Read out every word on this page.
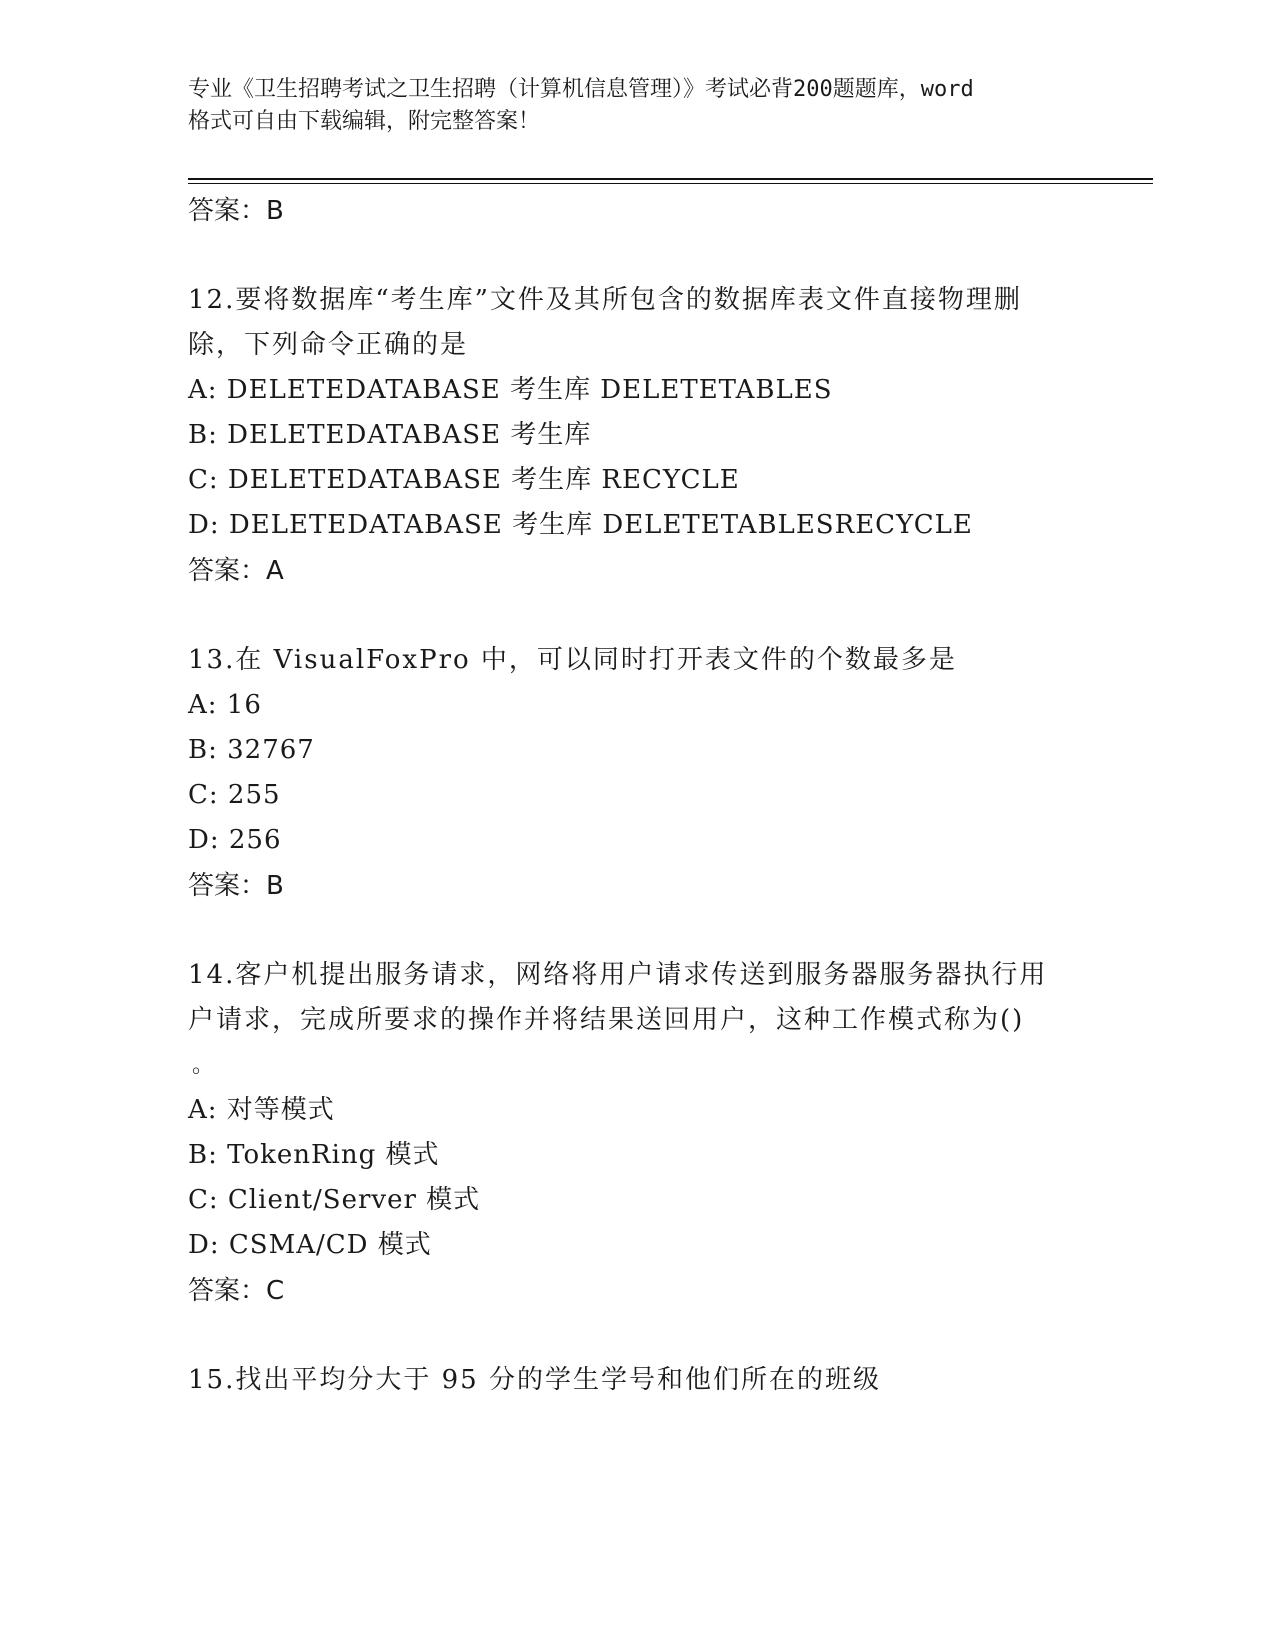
专业《卫生招聘考试之卫生招聘（计算机信息管理）》考试必背200题题库，word
格式可自由下载编辑，附完整答案！
答案：B
12.要将数据库“考生库”文件及其所包含的数据库表文件直接物理删
除，下列命令正确的是
A: DELETEDATABASE 考生库 DELETETABLES
B: DELETEDATABASE 考生库
C: DELETEDATABASE 考生库 RECYCLE
D: DELETEDATABASE 考生库 DELETETABLESRECYCLE
答案：A
13.在 VisualFoxPro 中，可以同时打开表文件的个数最多是
A: 16
B: 32767
C: 255
D: 256
答案：B
14.客户机提出服务请求，网络将用户请求传送到服务器服务器执行用
户请求，完成所要求的操作并将结果送回用户，这种工作模式称为()
。
A: 对等模式
B: TokenRing 模式
C: Client/Server 模式
D: CSMA/CD 模式
答案：C
15.找出平均分大于 95 分的学生学号和他们所在的班级
